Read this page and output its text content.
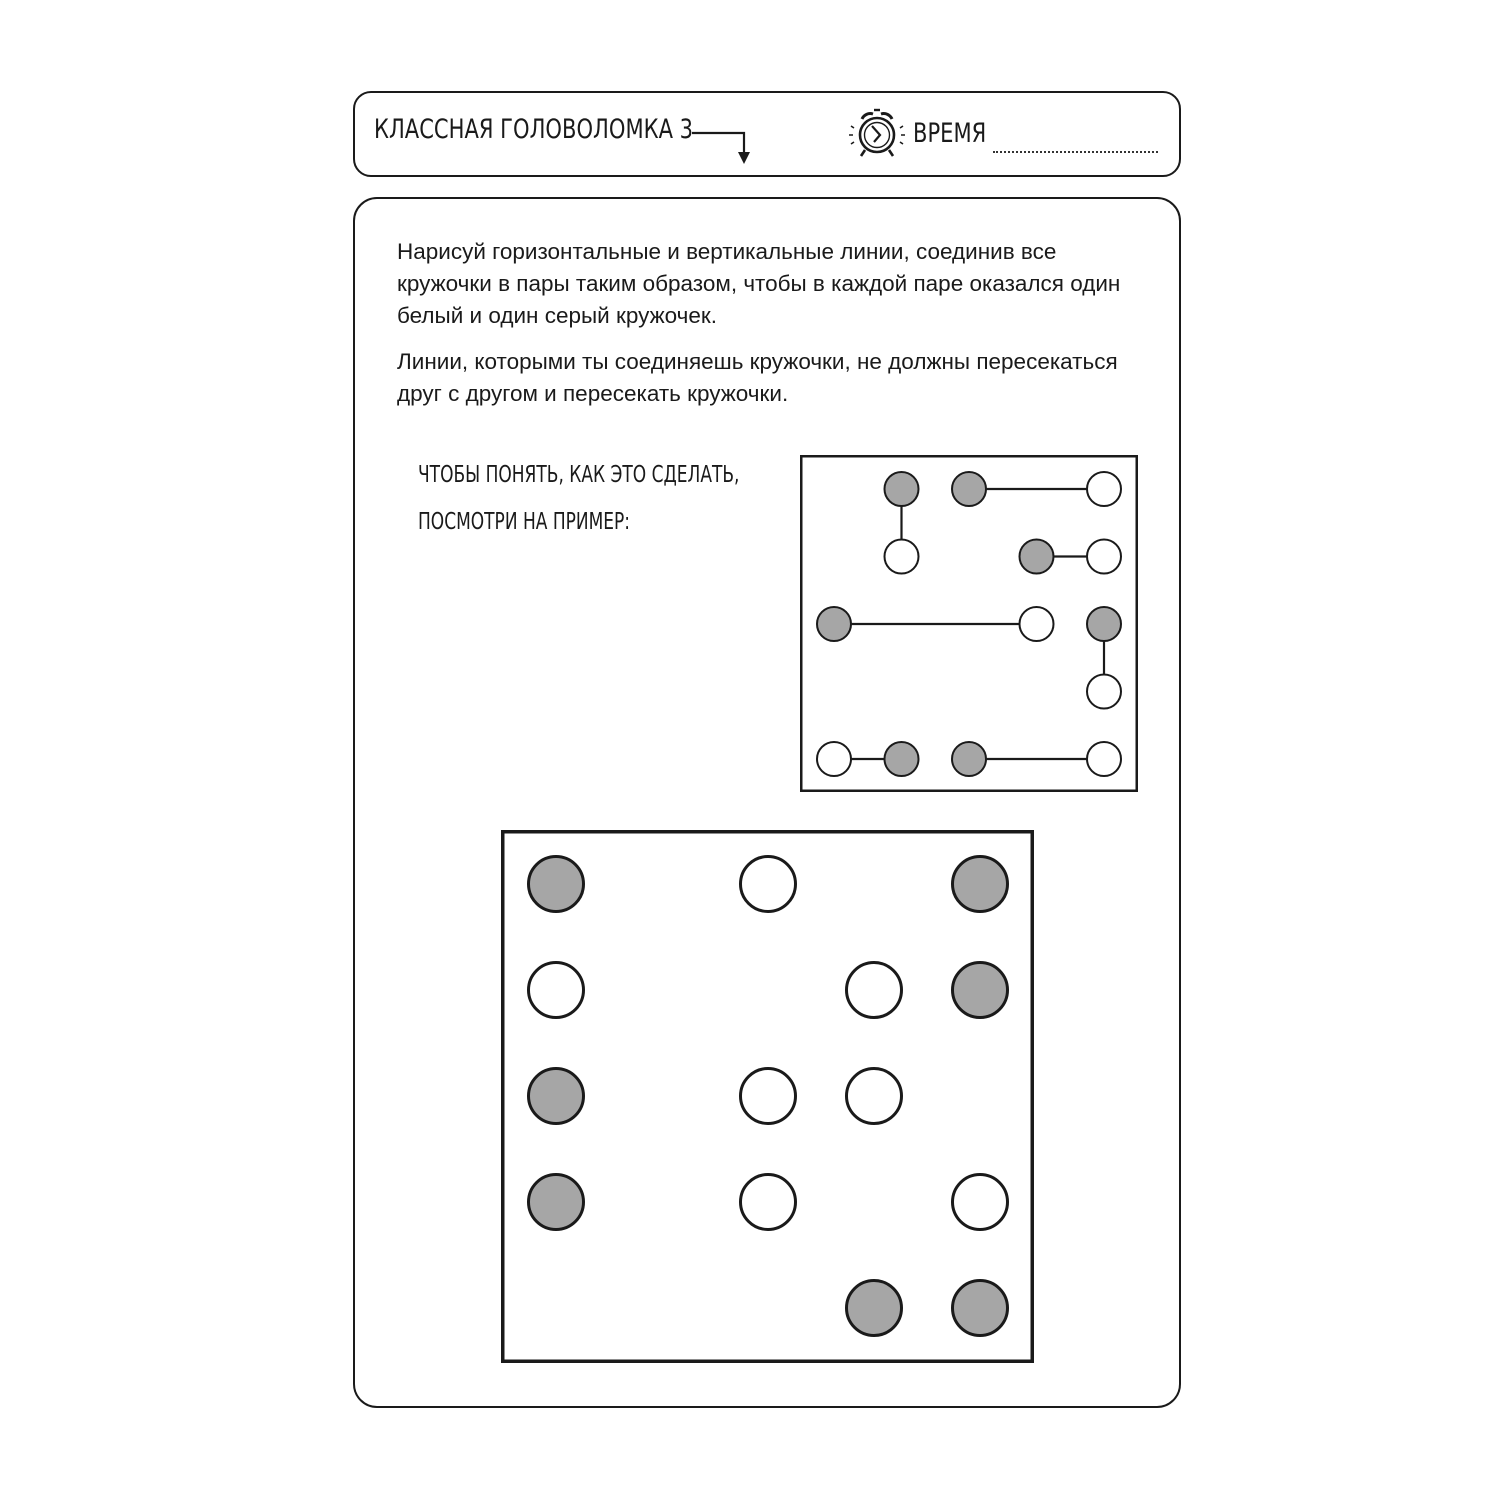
КЛАССНАЯ ГОЛОВОЛОМКА 3	ВРЕМЯ

Нарисуй горизонтальные и вертикальные линии, соединив все кружочки в пары таким образом, чтобы в каждой паре оказался один белый и один серый кружочек.

Линии, которыми ты соединяешь кружочки, не должны пересекаться друг с другом и пересекать кружочки.

ЧТОБЫ ПОНЯТЬ, КАК ЭТО СДЕЛАТЬ,
ПОСМОТРИ НА ПРИМЕР:
